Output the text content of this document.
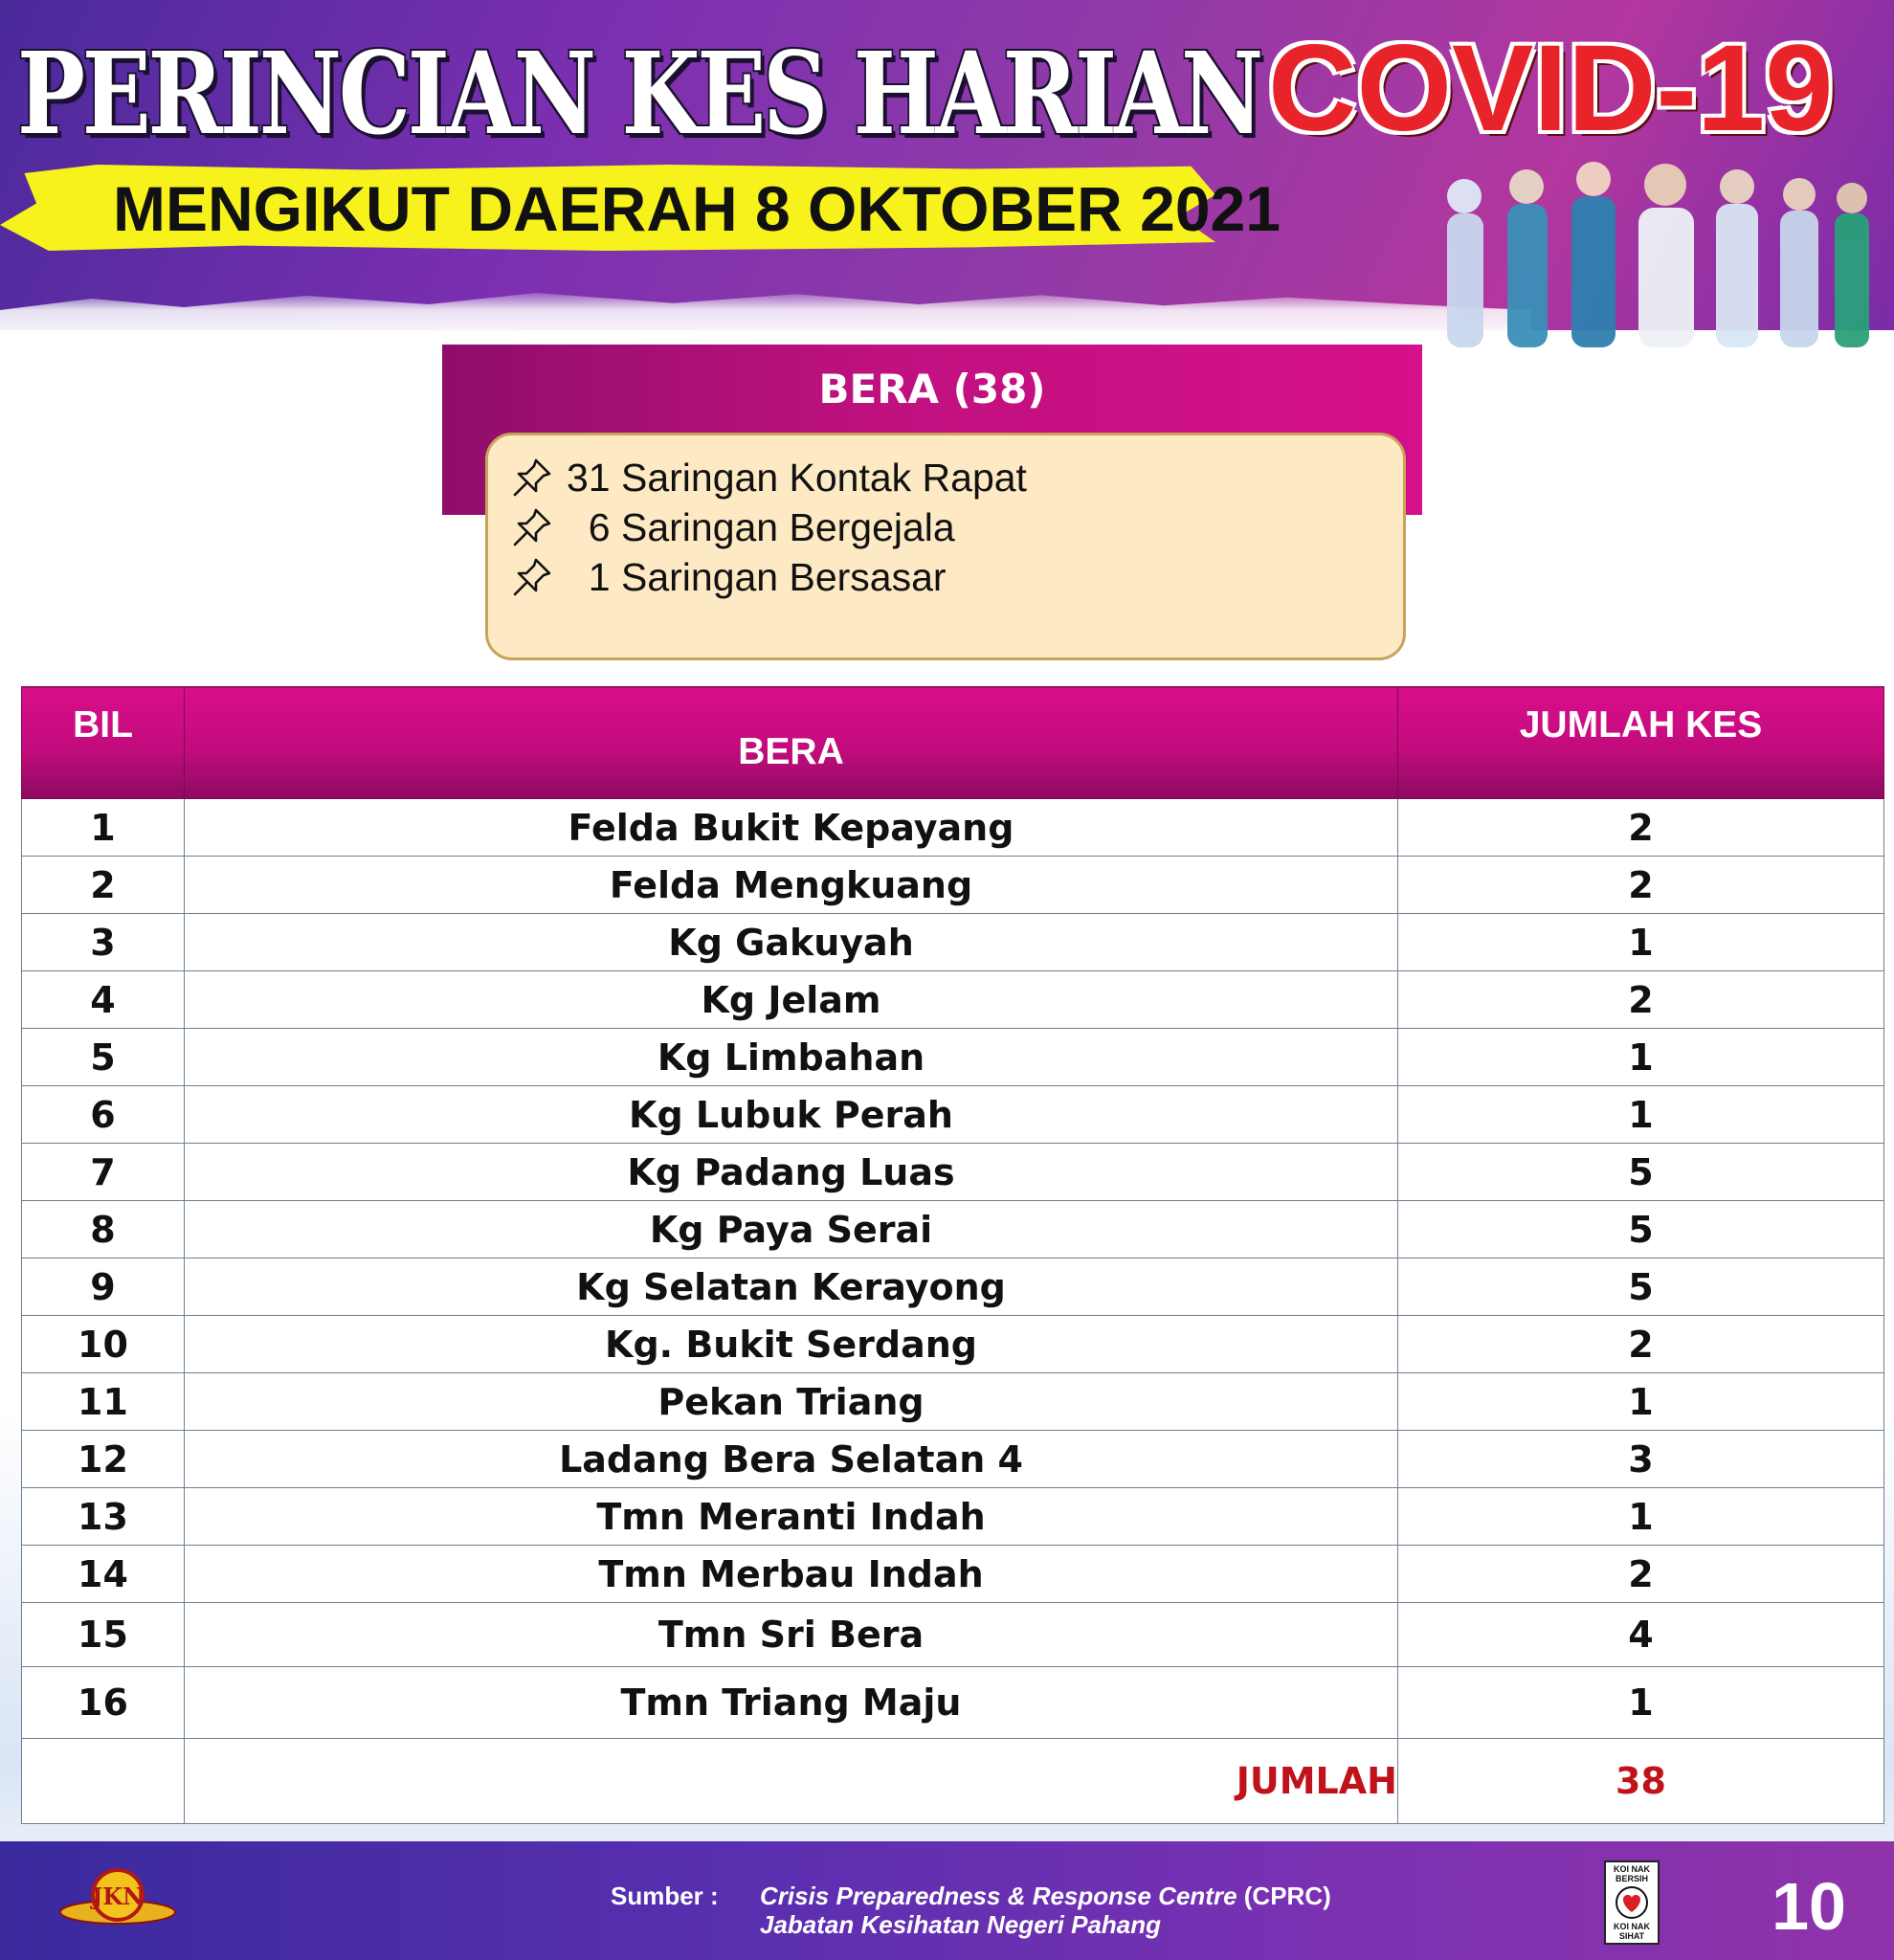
PERINCIAN KES HARIAN COVID-19
MENGIKUT DAERAH 8 OKTOBER 2021
BERA (38)
31 Saringan Kontak Rapat
6 Saringan Bergejala
1 Saringan Bersasar
BIL	BERA	JUMLAH KES
1	Felda Bukit Kepayang	2
2	Felda Mengkuang	2
3	Kg Gakuyah	1
4	Kg Jelam	2
5	Kg Limbahan	1
6	Kg Lubuk Perah	1
7	Kg Padang Luas	5
8	Kg Paya Serai	5
9	Kg Selatan Kerayong	5
10	Kg. Bukit Serdang	2
11	Pekan Triang	1
12	Ladang Bera Selatan 4	3
13	Tmn Meranti Indah	1
14	Tmn Merbau Indah	2
15	Tmn Sri Bera	4
16	Tmn Triang Maju	1
	JUMLAH	38
JKN	Sumber : Crisis Preparedness & Response Centre (CPRC)
Jabatan Kesihatan Negeri Pahang
KOI NAK BERSIH
KOI NAK SIHAT 10
